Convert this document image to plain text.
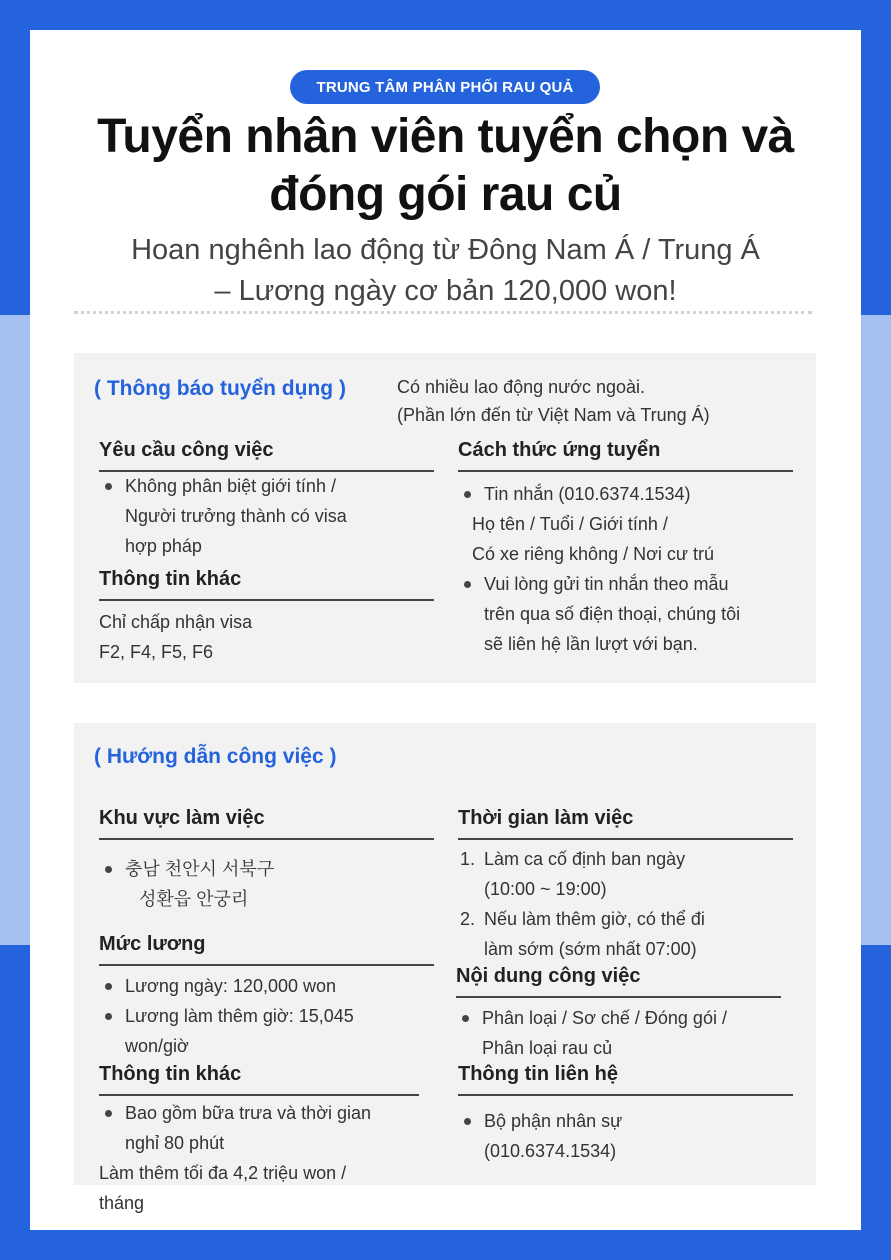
TRUNG TÂM PHÂN PHỐI RAU QUẢ
Tuyển nhân viên tuyển chọn và
đóng gói rau củ
Hoan nghênh lao động từ Đông Nam Á / Trung Á
– Lương ngày cơ bản 120,000 won!
( Thông báo tuyển dụng )	Có nhiều lao động nước ngoài.
(Phần lớn đến từ Việt Nam và Trung Á)
Yêu cầu công việc
Không phân biệt giới tính /
Người trưởng thành có visa
hợp pháp
Thông tin khác
Chỉ chấp nhận visa
F2, F4, F5, F6
Cách thức ứng tuyển
Tin nhắn (010.6374.1534)
Họ tên / Tuổi / Giới tính /
Có xe riêng không / Nơi cư trú
Vui lòng gửi tin nhắn theo mẫu
trên qua số điện thoại, chúng tôi
sẽ liên hệ lần lượt với bạn.
( Hướng dẫn công việc )
Khu vực làm việc
충남 천안시 서북구
성환읍 안궁리
Mức lương
Lương ngày: 120,000 won
Lương làm thêm giờ: 15,045
won/giờ
Thông tin khác
Bao gồm bữa trưa và thời gian
nghỉ 80 phút
Làm thêm tối đa 4,2 triệu won /
tháng
Thời gian làm việc
1. Làm ca cố định ban ngày
(10:00 ~ 19:00)
2. Nếu làm thêm giờ, có thể đi
làm sớm (sớm nhất 07:00)
Nội dung công việc
Phân loại / Sơ chế / Đóng gói /
Phân loại rau củ
Thông tin liên hệ
Bộ phận nhân sự
(010.6374.1534)
